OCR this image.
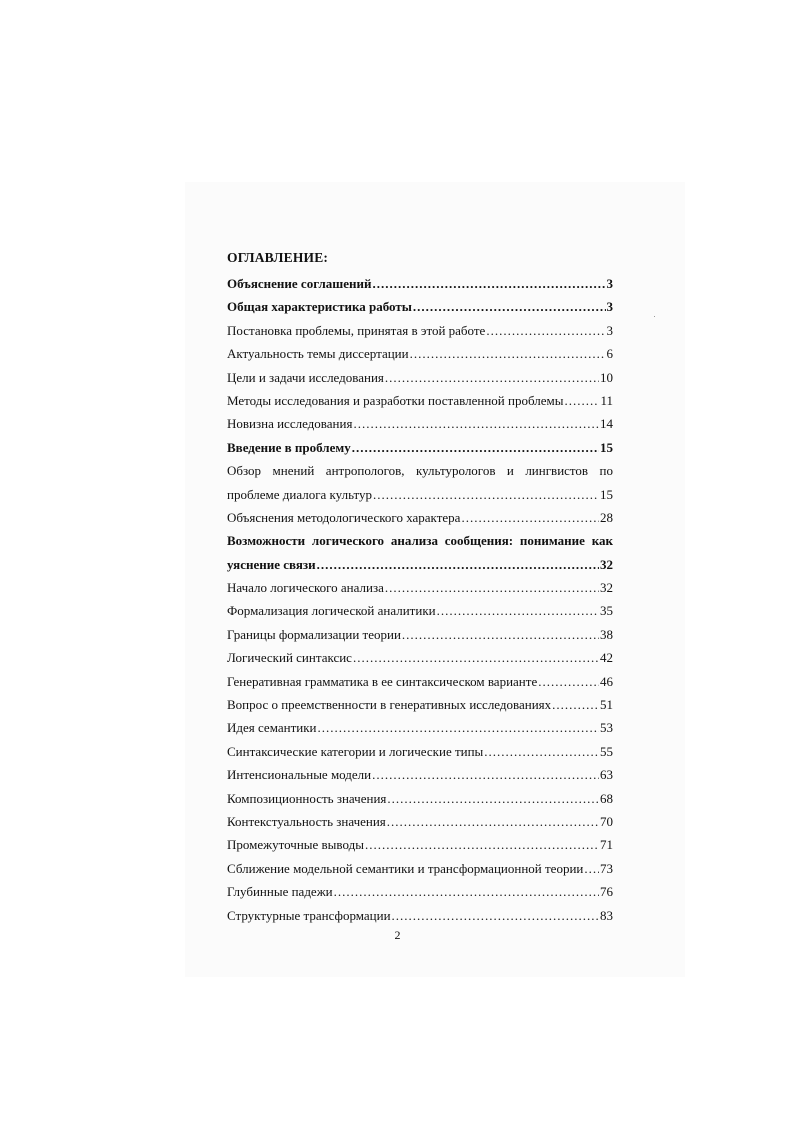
ОГЛАВЛЕНИЕ:
Объяснение соглашений .....	3
Общая характеристика работы .....	3
Постановка проблемы, принятая в этой работе .....	3
Актуальность темы диссертации .....	6
Цели и задачи исследования .....	10
Методы исследования и разработки поставленной проблемы .....	11
Новизна исследования .....	14
Введение в проблему .....	15
Обзор мнений антропологов, культурологов и лингвистов по
проблеме диалога культур .....	15
Объяснения методологического характера .....	28
Возможности логического анализа сообщения: понимание как
уяснение связи .....	32
Начало логического анализа .....	32
Формализация логической аналитики .....	35
Границы формализации теории .....	38
Логический синтаксис .....	42
Генеративная грамматика в ее синтаксическом варианте .....	46
Вопрос о преемственности в генеративных исследованиях .....	51
Идея семантики .....	53
Синтаксические категории и логические типы .....	55
Интенсиональные модели .....	63
Композиционность значения .....	68
Контекстуальность значения .....	70
Промежуточные выводы .....	71
Сближение модельной семантики и трансформационной теории ..... 73
Глубинные падежи .....	76
Структурные трансформации .....	83
2
